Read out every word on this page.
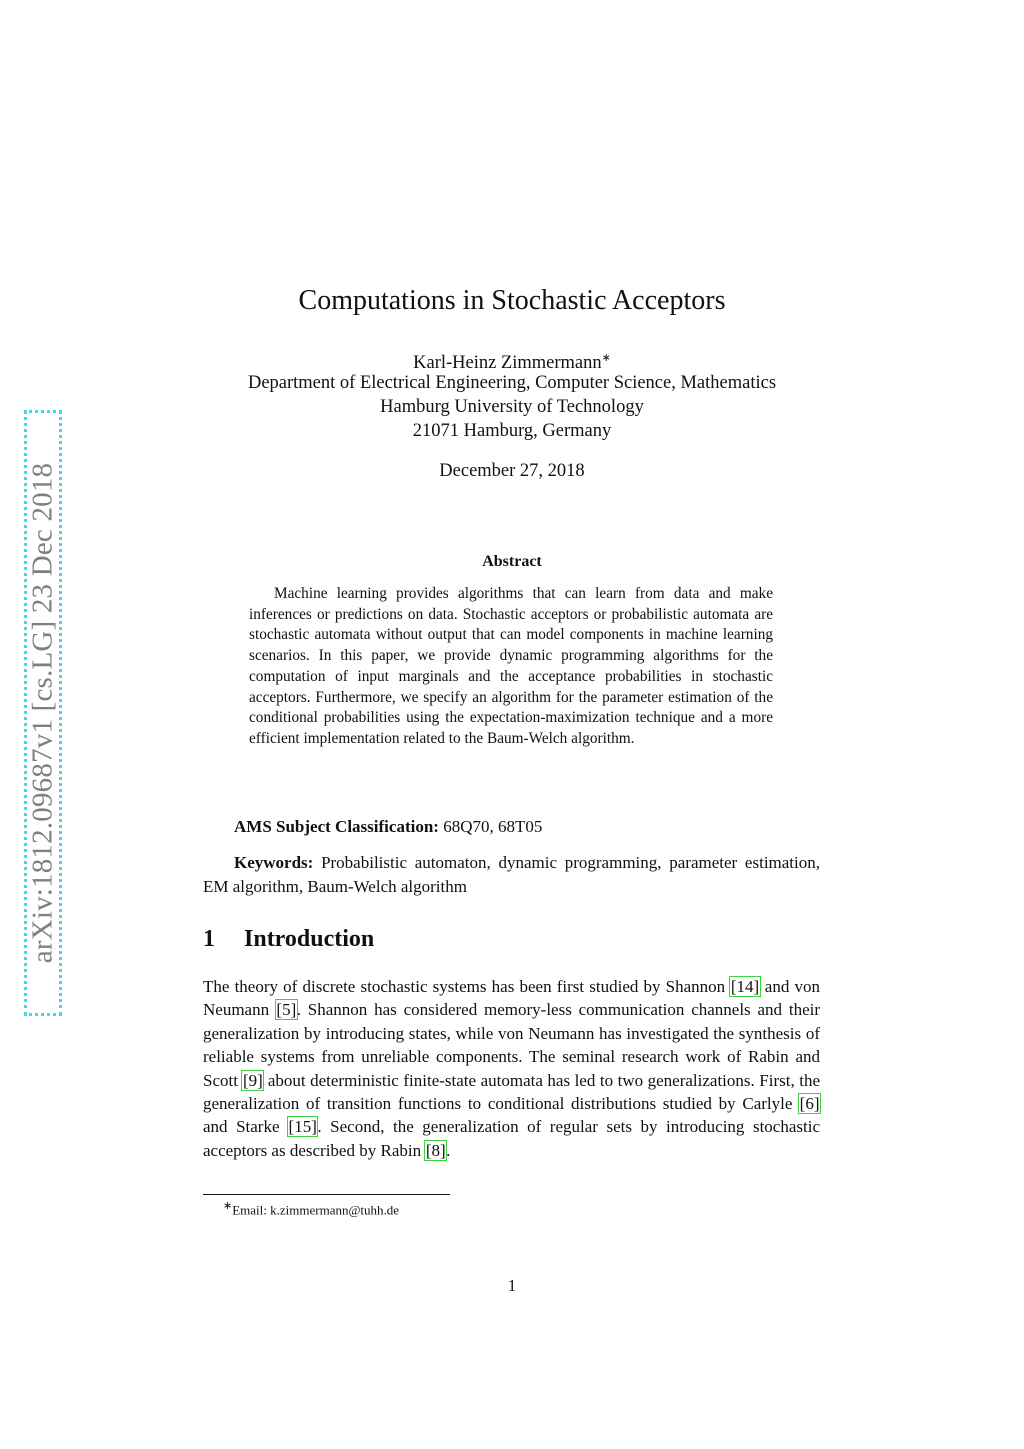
arXiv:1812.09687v1 [cs.LG] 23 Dec 2018
Computations in Stochastic Acceptors
Karl-Heinz Zimmermann∗
Department of Electrical Engineering, Computer Science, Mathematics
Hamburg University of Technology
21071 Hamburg, Germany
December 27, 2018
Abstract
Machine learning provides algorithms that can learn from data and make inferences or predictions on data. Stochastic acceptors or probabilistic automata are stochastic automata without output that can model components in machine learning scenarios. In this paper, we provide dynamic programming algorithms for the computation of input marginals and the acceptance probabilities in stochastic acceptors. Furthermore, we specify an algorithm for the parameter estimation of the conditional probabilities using the expectation-maximization technique and a more efficient implementation related to the Baum-Welch algorithm.
AMS Subject Classification: 68Q70, 68T05
Keywords: Probabilistic automaton, dynamic programming, parameter estimation, EM algorithm, Baum-Welch algorithm
1 Introduction
The theory of discrete stochastic systems has been first studied by Shannon [14] and von Neumann [5]. Shannon has considered memory-less communication channels and their generalization by introducing states, while von Neumann has investigated the synthesis of reliable systems from unreliable components. The seminal research work of Rabin and Scott [9] about deterministic finite-state automata has led to two generalizations. First, the generalization of transition functions to conditional distributions studied by Carlyle [6] and Starke [15]. Second, the generalization of regular sets by introducing stochastic acceptors as described by Rabin [8].
∗Email: k.zimmermann@tuhh.de
1
